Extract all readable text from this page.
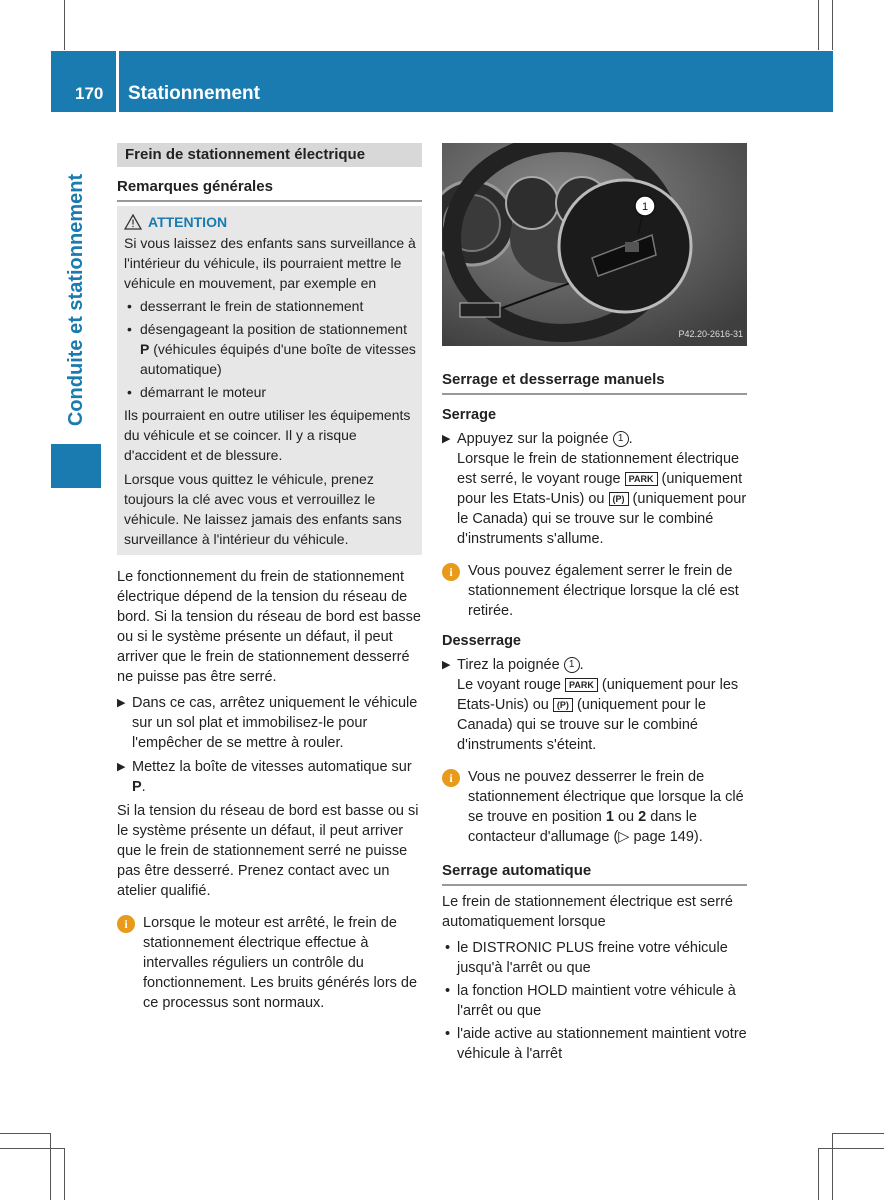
170	Stationnement
Conduite et stationnement
Frein de stationnement électrique
Remarques générales
ATTENTION

Si vous laissez des enfants sans surveillance à l'intérieur du véhicule, ils pourraient mettre le véhicule en mouvement, par exemple en

• desserrant le frein de stationnement
• désengageant la position de stationnement P (véhicules équipés d'une boîte de vitesses automatique)
• démarrant le moteur

Ils pourraient en outre utiliser les équipements du véhicule et se coincer. Il y a risque d'accident et de blessure.

Lorsque vous quittez le véhicule, prenez toujours la clé avec vous et verrouillez le véhicule. Ne laissez jamais des enfants sans surveillance à l'intérieur du véhicule.

Le fonctionnement du frein de stationnement électrique dépend de la tension du réseau de bord. Si la tension du réseau de bord est basse ou si le système présente un défaut, il peut arriver que le frein de stationnement desserré ne puisse pas être serré.

▶ Dans ce cas, arrêtez uniquement le véhicule sur un sol plat et immobilisez-le pour l'empêcher de se mettre à rouler.
▶ Mettez la boîte de vitesses automatique sur P.

Si la tension du réseau de bord est basse ou si le système présente un défaut, il peut arriver que le frein de stationnement serré ne puisse pas être desserré. Prenez contact avec un atelier qualifié.

i	Lorsque le moteur est arrêté, le frein de stationnement électrique effectue à intervalles réguliers un contrôle du fonctionnement. Les bruits générés lors de ce processus sont normaux.
1
P42.20-2616-31
Serrage et desserrage manuels
Serrage
▶ Appuyez sur la poignée 1 .
Lorsque le frein de stationnement électrique est serré, le voyant rouge PARK (uniquement pour les Etats-Unis) ou (P) (uniquement pour le Canada) qui se trouve sur le combiné d'instruments s'allume.
i	Vous pouvez également serrer le frein de stationnement électrique lorsque la clé est retirée.
Desserrage
▶ Tirez la poignée 1 .
Le voyant rouge PARK (uniquement pour les Etats-Unis) ou (P) (uniquement pour le Canada) qui se trouve sur le combiné d'instruments s'éteint.
i	Vous ne pouvez desserrer le frein de stationnement électrique que lorsque la clé se trouve en position 1 ou 2 dans le contacteur d'allumage (▷ page 149).
Serrage automatique

Le frein de stationnement électrique est serré automatiquement lorsque

• le DISTRONIC PLUS freine votre véhicule jusqu'à l'arrêt ou que
• la fonction HOLD maintient votre véhicule à l'arrêt ou que
• l'aide active au stationnement maintient votre véhicule à l'arrêt
